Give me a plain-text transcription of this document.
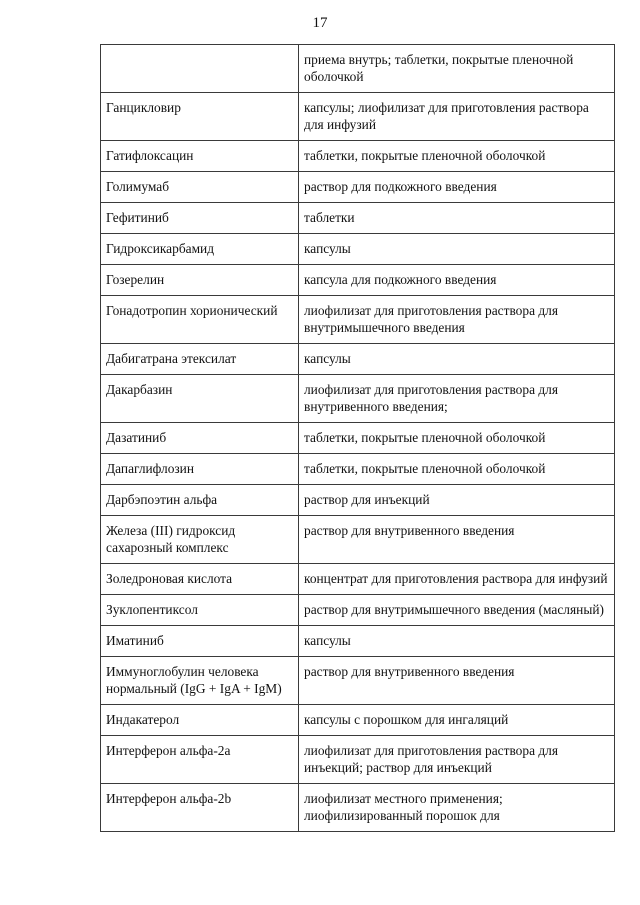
17
	приема внутрь; таблетки, покрытые пленочной оболочкой
Ганцикловир	капсулы; лиофилизат для приготовления раствора для инфузий
Гатифлоксацин	таблетки, покрытые пленочной оболочкой
Голимумаб	раствор для подкожного введения
Гефитиниб	таблетки
Гидроксикарбамид	капсулы
Гозерелин	капсула для подкожного введения
Гонадотропин хорионический	лиофилизат для приготовления раствора для внутримышечного введения
Дабигатрана этексилат	капсулы
Дакарбазин	лиофилизат для приготовления раствора для внутривенного введения;
Дазатиниб	таблетки, покрытые пленочной оболочкой
Дапаглифлозин	таблетки, покрытые пленочной оболочкой
Дарбэпоэтин альфа	раствор для инъекций
Железа (III) гидроксид сахарозный комплекс	раствор для внутривенного введения
Золедроновая кислота	концентрат для приготовления раствора для инфузий
Зуклопентиксол	раствор для внутримышечного введения (масляный)
Иматиниб	капсулы
Иммуноглобулин человека нормальный (IgG + IgA + IgM)	раствор для внутривенного введения
Индакатерол	капсулы с порошком для ингаляций
Интерферон альфа-2а	лиофилизат для приготовления раствора для инъекций; раствор для инъекций
Интерферон альфа-2b	лиофилизат местного применения; лиофилизированный порошок для
